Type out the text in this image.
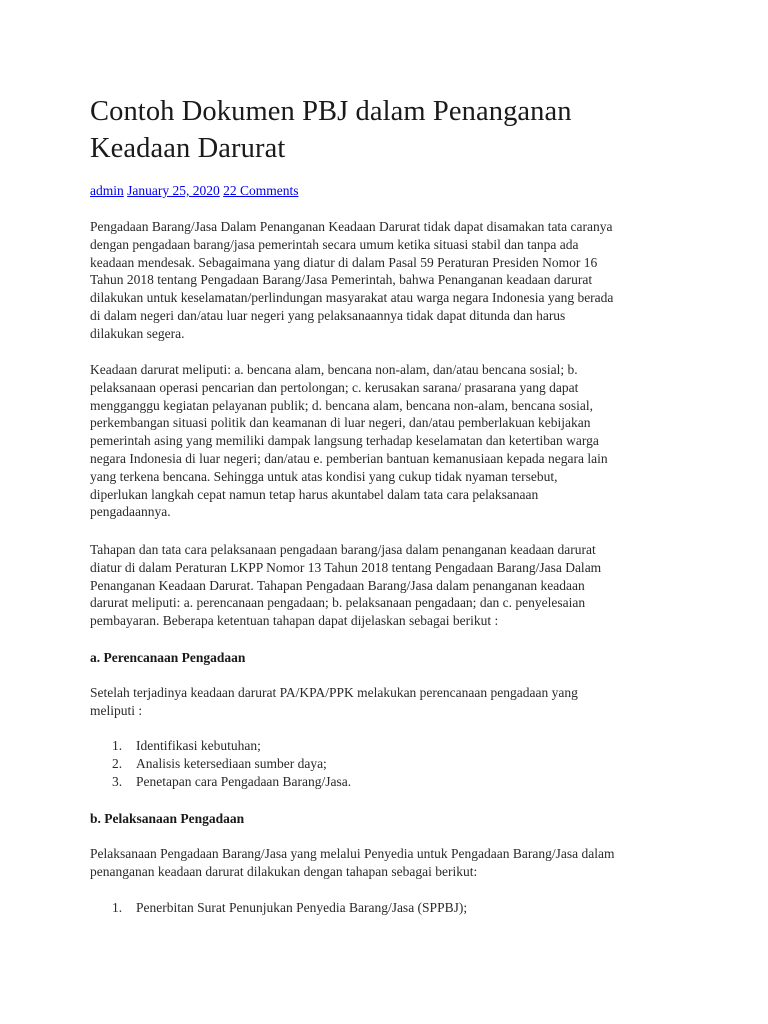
Contoh Dokumen PBJ dalam Penanganan
Keadaan Darurat
admin January 25, 2020 22 Comments

Pengadaan Barang/Jasa Dalam Penanganan Keadaan Darurat tidak dapat disamakan tata caranya
dengan pengadaan barang/jasa pemerintah secara umum ketika situasi stabil dan tanpa ada
keadaan mendesak. Sebagaimana yang diatur di dalam Pasal 59 Peraturan Presiden Nomor 16
Tahun 2018 tentang Pengadaan Barang/Jasa Pemerintah, bahwa Penanganan keadaan darurat
dilakukan untuk keselamatan/perlindungan masyarakat atau warga negara Indonesia yang berada
di dalam negeri dan/atau luar negeri yang pelaksanaannya tidak dapat ditunda dan harus
dilakukan segera.

Keadaan darurat meliputi: a. bencana alam, bencana non-alam, dan/atau bencana sosial; b.
pelaksanaan operasi pencarian dan pertolongan; c. kerusakan sarana/ prasarana yang dapat
mengganggu kegiatan pelayanan publik; d. bencana alam, bencana non-alam, bencana sosial,
perkembangan situasi politik dan keamanan di luar negeri, dan/atau pemberlakuan kebijakan
pemerintah asing yang memiliki dampak langsung terhadap keselamatan dan ketertiban warga
negara Indonesia di luar negeri; dan/atau e. pemberian bantuan kemanusiaan kepada negara lain
yang terkena bencana. Sehingga untuk atas kondisi yang cukup tidak nyaman tersebut,
diperlukan langkah cepat namun tetap harus akuntabel dalam tata cara pelaksanaan
pengadaannya.

Tahapan dan tata cara pelaksanaan pengadaan barang/jasa dalam penanganan keadaan darurat
diatur di dalam Peraturan LKPP Nomor 13 Tahun 2018 tentang Pengadaan Barang/Jasa Dalam
Penanganan Keadaan Darurat. Tahapan Pengadaan Barang/Jasa dalam penanganan keadaan
darurat meliputi: a. perencanaan pengadaan; b. pelaksanaan pengadaan; dan c. penyelesaian
pembayaran. Beberapa ketentuan tahapan dapat dijelaskan sebagai berikut :

a. Perencanaan Pengadaan

Setelah terjadinya keadaan darurat PA/KPA/PPK melakukan perencanaan pengadaan yang
meliputi :

1. Identifikasi kebutuhan;
2. Analisis ketersediaan sumber daya;
3. Penetapan cara Pengadaan Barang/Jasa.
b. Pelaksanaan Pengadaan

Pelaksanaan Pengadaan Barang/Jasa yang melalui Penyedia untuk Pengadaan Barang/Jasa dalam
penanganan keadaan darurat dilakukan dengan tahapan sebagai berikut:

1. Penerbitan Surat Penunjukan Penyedia Barang/Jasa (SPPBJ);
